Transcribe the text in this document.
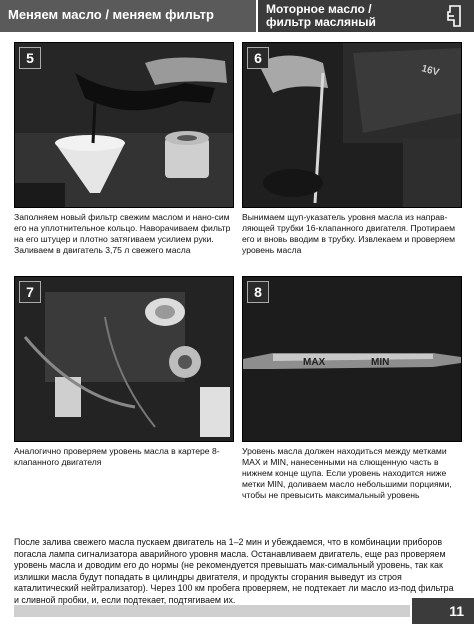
Меняем масло / меняем фильтр	Моторное масло /
фильтр масляный
5
Заполняем новый фильтр свежим маслом и нано-сим его на уплотнительное кольцо. Наворачиваем фильтр на его штуцер и плотно затягиваем усилием руки. Заливаем в двигатель 3,75 л свежего масла
16V
6
Вынимаем щуп-указатель уровня масла из направ-ляющей трубки 16-клапанного двигателя. Протираем его и вновь вводим в трубку. Извлекаем и проверяем уровень масла
7
Аналогично проверяем уровень масла в картере 8-клапанного двигателя
MAX	MIN
8
Уровень масла должен находиться между метками MAX и MIN, нанесенными на слющенную часть в нижнем конце щупа. Если уровень находится ниже метки MIN, доливаем масло небольшими порциями, чтобы не превысить максимальный уровень
После залива свежего масла пускаем двигатель на 1–2 мин и убеждаемся, что в комбинации приборов погасла лампа сигнализатора аварийного уровня масла. Останавливаем двигатель, еще раз проверяем уровень масла и доводим его до нормы (не рекомендуется превышать мак-симальный уровень, так как излишки масла будут попадать в цилиндры двигателя, и продукты сгорания выведут из строя каталитический нейтрализатор). Через 100 км пробега проверяем, не подтекает ли масло из-под фильтра и сливной пробки, и, если подтекает, подтягиваем их.
11
